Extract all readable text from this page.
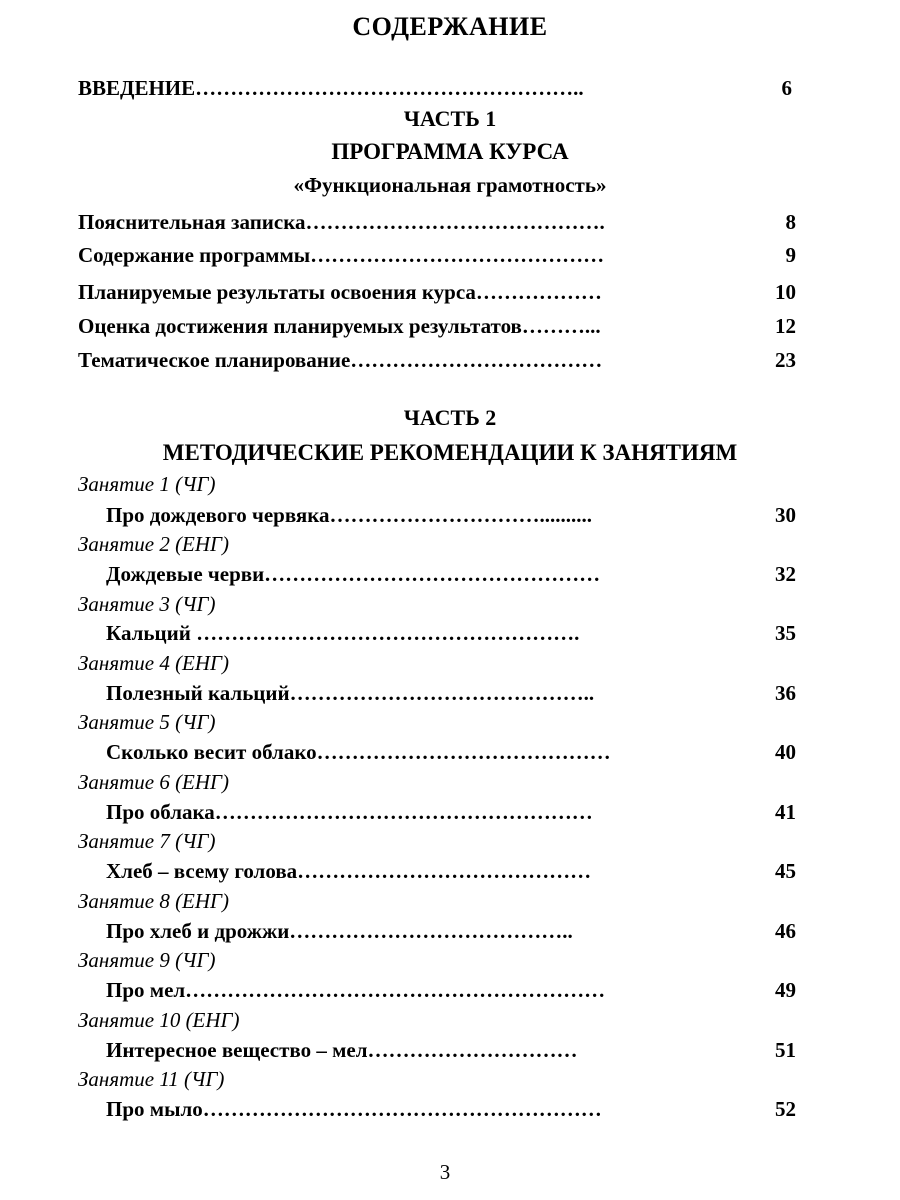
СОДЕРЖАНИЕ
ВВЕДЕНИЕ………………………………………………..	6
ЧАСТЬ 1
ПРОГРАММА КУРСА
«Функциональная грамотность»
Пояснительная записка…………………………………….	8
Содержание программы……………………………………	9
Планируемые результаты освоения курса………………	10
Оценка достижения планируемых результатов………...	12
Тематическое планирование………………………………	23
ЧАСТЬ 2
МЕТОДИЧЕСКИЕ РЕКОМЕНДАЦИИ К ЗАНЯТИЯМ
Занятие 1 (ЧГ)
Про дождевого червяка…………………………..........	30
Занятие 2 (ЕНГ)
Дождевые черви…………………………………………	32
Занятие 3 (ЧГ)
Кальций ……………………………………………….	35
Занятие 4 (ЕНГ)
Полезный кальций……………………………………..	36
Занятие 5 (ЧГ)
Сколько весит облако……………………………………	40
Занятие 6 (ЕНГ)
Про облака………………………………………………	41
Занятие 7 (ЧГ)
Хлеб – всему голова……………………………………	45
Занятие 8 (ЕНГ)
Про хлеб и дрожжи…………………………………..	46
Занятие 9 (ЧГ)
Про мел……………………………………………………	49
Занятие 10 (ЕНГ)
Интересное вещество – мел…………………………	51
Занятие 11 (ЧГ)
Про мыло…………………………………………………	52
3
